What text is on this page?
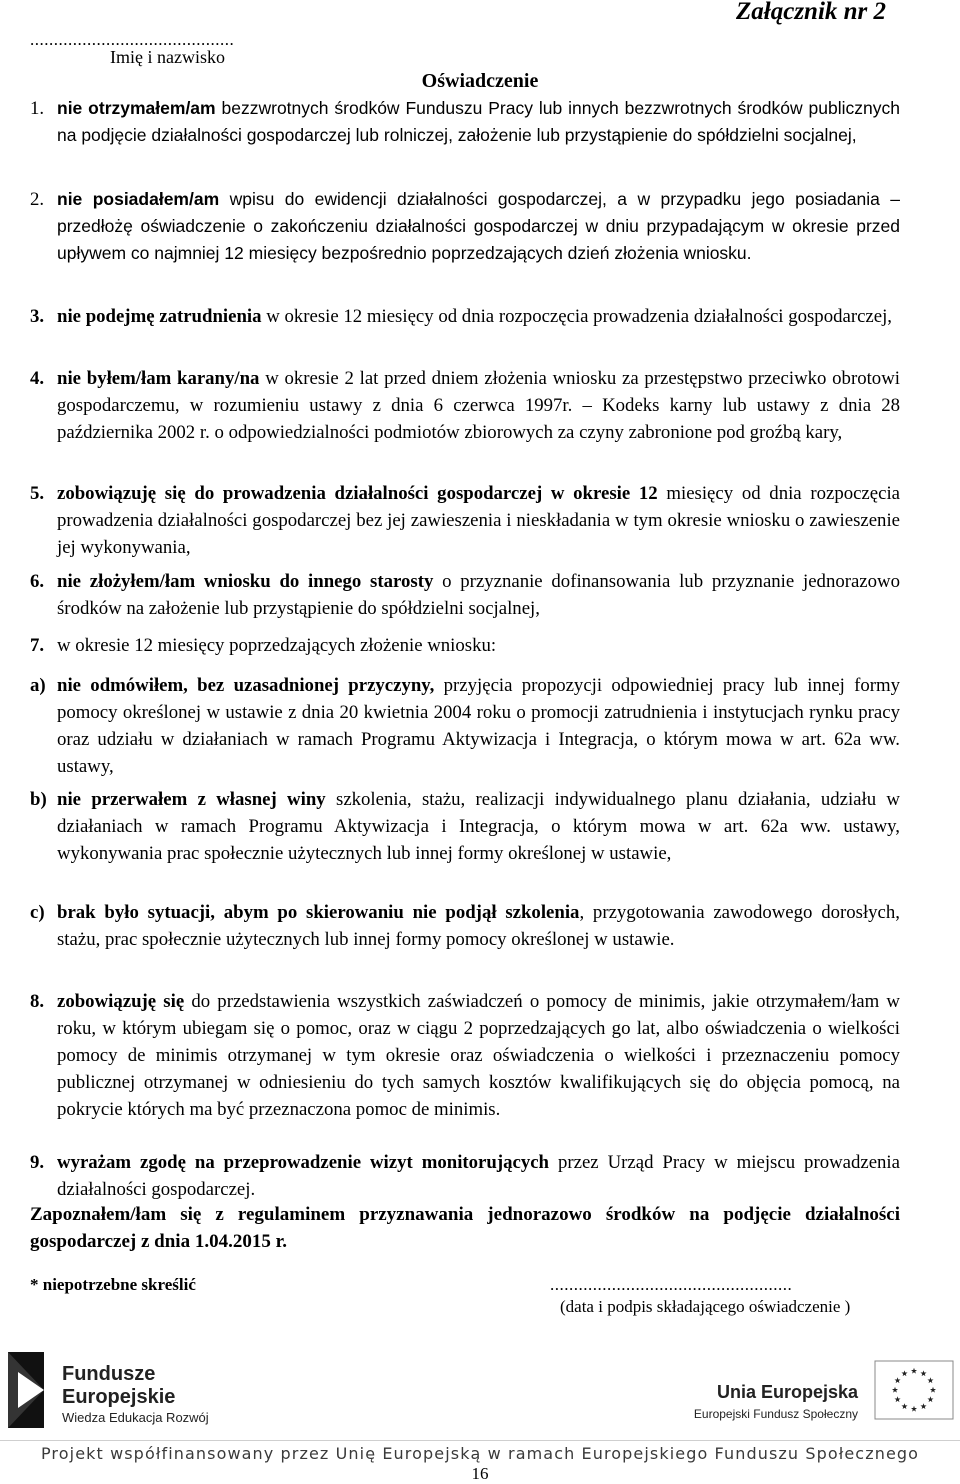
Załącznik nr 2
...........................................
Imię i nazwisko
Oświadczenie
1. nie otrzymałem/am bezzwrotnych środków Funduszu Pracy lub innych bezzwrotnych środków publicznych na podjęcie działalności gospodarczej lub rolniczej, założenie lub przystąpienie do spółdzielni socjalnej,
2. nie posiadałem/am wpisu do ewidencji działalności gospodarczej, a w przypadku jego posiadania – przedłożę oświadczenie o zakończeniu działalności gospodarczej w dniu przypadającym w okresie przed upływem co najmniej 12 miesięcy bezpośrednio poprzedzających dzień złożenia wniosku.
3. nie podejmę zatrudnienia w okresie 12 miesięcy od dnia rozpoczęcia prowadzenia działalności gospodarczej,
4. nie byłem/łam karany/na w okresie 2 lat przed dniem złożenia wniosku za przestępstwo przeciwko obrotowi gospodarczemu, w rozumieniu ustawy z dnia 6 czerwca 1997r. – Kodeks karny lub ustawy z dnia 28 października 2002 r. o odpowiedzialności podmiotów zbiorowych za czyny zabronione pod groźbą kary,
5. zobowiązuję się do prowadzenia działalności gospodarczej w okresie 12 miesięcy od dnia rozpoczęcia prowadzenia działalności gospodarczej bez jej zawieszenia i nieskładania w tym okresie wniosku o zawieszenie jej wykonywania,
6. nie złożyłem/łam wniosku do innego starosty o przyznanie dofinansowania lub przyznanie jednorazowo środków na założenie lub przystąpienie do spółdzielni socjalnej,
7. w okresie 12 miesięcy poprzedzających złożenie wniosku:
a) nie odmówiłem, bez uzasadnionej przyczyny, przyjęcia propozycji odpowiedniej pracy lub innej formy pomocy określonej w ustawie z dnia 20 kwietnia 2004 roku o promocji zatrudnienia i instytucjach rynku pracy oraz udziału w działaniach w ramach Programu Aktywizacja i Integracja, o którym mowa w art. 62a ww. ustawy,
b) nie przerwałem z własnej winy szkolenia, stażu, realizacji indywidualnego planu działania, udziału w działaniach w ramach Programu Aktywizacja i Integracja, o którym mowa w art. 62a ww. ustawy, wykonywania prac społecznie użytecznych lub innej formy określonej w ustawie,
c) brak było sytuacji, abym po skierowaniu nie podjął szkolenia, przygotowania zawodowego dorosłych, stażu, prac społecznie użytecznych lub innej formy pomocy określonej w ustawie.
8. zobowiązuję się do przedstawienia wszystkich zaświadczeń o pomocy de minimis, jakie otrzymałem/łam w roku, w którym ubiegam się o pomoc, oraz w ciągu 2 poprzedzających go lat, albo oświadczenia o wielkości pomocy de minimis otrzymanej w tym okresie oraz oświadczenia o wielkości i przeznaczeniu pomocy publicznej otrzymanej w odniesieniu do tych samych kosztów kwalifikujących się do objęcia pomocą, na pokrycie których ma być przeznaczona pomoc de minimis.
9. wyrażam zgodę na przeprowadzenie wizyt monitorujących przez Urząd Pracy w miejscu prowadzenia działalności gospodarczej.
Zapoznałem/łam się z regulaminem przyznawania jednorazowo środków na podjęcie działalności gospodarczej z dnia 1.04.2015 r.
* niepotrzebne skreślić	...................................................
(data i podpis składającego oświadczenie )
Fundusze
Europejskie
Wiedza Edukacja Rozwój
Unia Europejska
Europejski Fundusz Społeczny
Projekt współfinansowany przez Unię Europejską w ramach Europejskiego Funduszu Społecznego
16
